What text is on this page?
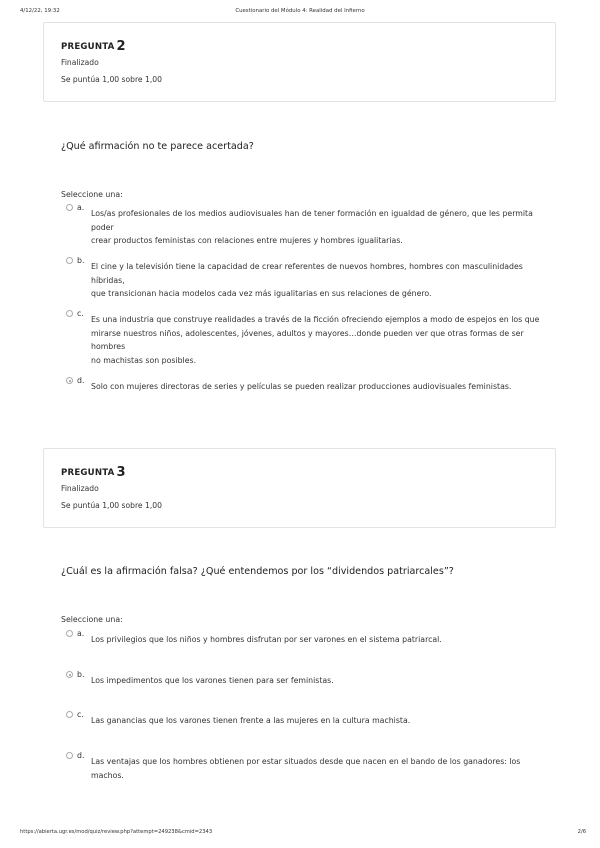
4/12/22, 19:32	Cuestionario del Módulo 4: Realidad del Infierno
PREGUNTA 2
Finalizado
Se puntúa 1,00 sobre 1,00
¿Qué afirmación no te parece acertada?
Seleccione una:
a.
Los/as profesionales de los medios audiovisuales han de tener formación en igualdad de género, que les permita poder
crear productos feministas con relaciones entre mujeres y hombres igualitarias.
b.
El cine y la televisión tiene la capacidad de crear referentes de nuevos hombres, hombres con masculinidades híbridas,
que transicionan hacia modelos cada vez más igualitarias en sus relaciones de género.
c.
Es una industria que construye realidades a través de la ficción ofreciendo ejemplos a modo de espejos en los que
mirarse nuestros niños, adolescentes, jóvenes, adultos y mayores…donde pueden ver que otras formas de ser hombres
no machistas son posibles.
d.
Solo con mujeres directoras de series y películas se pueden realizar producciones audiovisuales feministas.
PREGUNTA 3
Finalizado
Se puntúa 1,00 sobre 1,00
¿Cuál es la afirmación falsa? ¿Qué entendemos por los “dividendos patriarcales”?
Seleccione una:
a.
Los privilegios que los niños y hombres disfrutan por ser varones en el sistema patriarcal.
b.
Los impedimentos que los varones tienen para ser feministas.
c.
Las ganancias que los varones tienen frente a las mujeres en la cultura machista.
d.
Las ventajas que los hombres obtienen por estar situados desde que nacen en el bando de los ganadores: los machos.
https://abierta.ugr.es/mod/quiz/review.php?attempt=249238&cmid=2343	2/6
